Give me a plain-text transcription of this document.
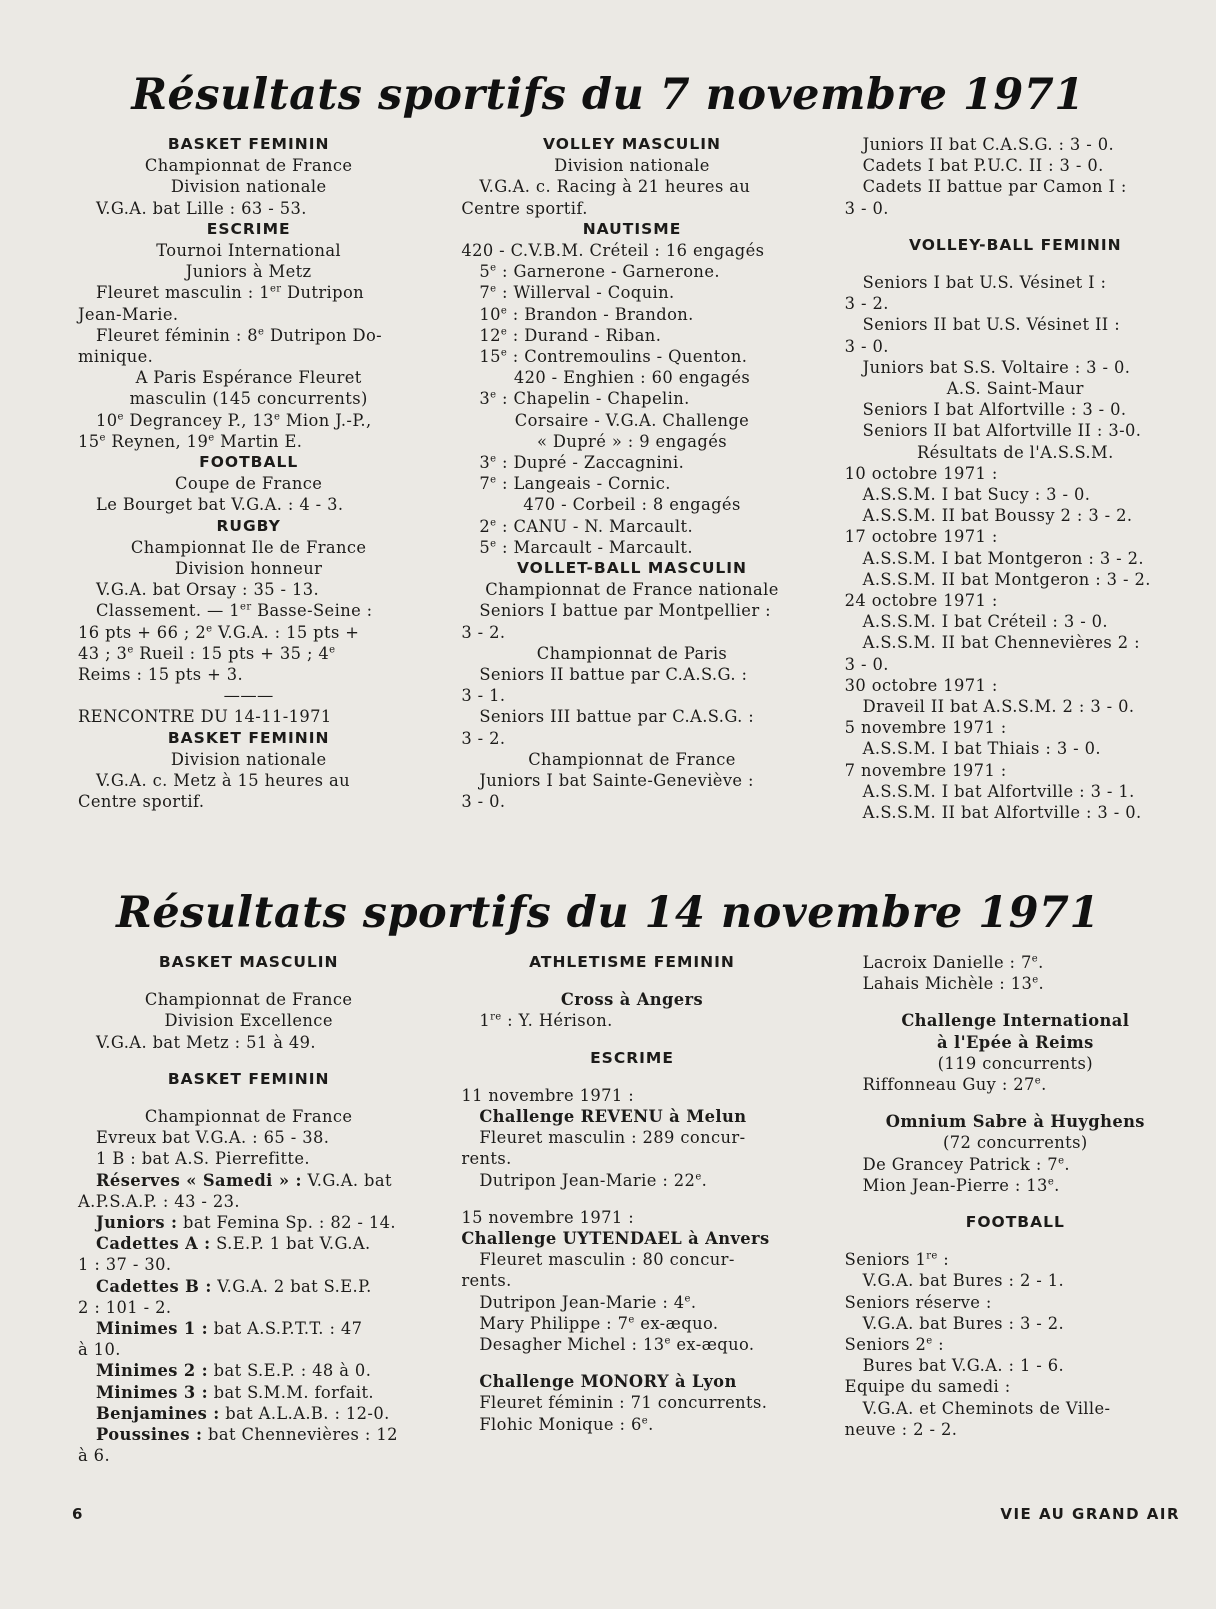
Résultats sportifs du 7 novembre 1971
BASKET FEMININ
Championnat de France
Division nationale
V.G.A. bat Lille : 63 - 53.
ESCRIME
Tournoi International
Juniors à Metz
Fleuret masculin : 1er Dutripon
Jean-Marie.
Fleuret féminin : 8e Dutripon Do-
minique.
A Paris Espérance Fleuret
masculin (145 concurrents)
10e Degrancey P., 13e Mion J.-P.,
15e Reynen, 19e Martin E.
FOOTBALL
Coupe de France
Le Bourget bat V.G.A. : 4 - 3.
RUGBY
Championnat Ile de France
Division honneur
V.G.A. bat Orsay : 35 - 13.
Classement. — 1er Basse-Seine :
16 pts + 66 ; 2e V.G.A. : 15 pts +
43 ; 3e Rueil : 15 pts + 35 ; 4e
Reims : 15 pts + 3.
———
RENCONTRE DU 14-11-1971
BASKET FEMININ
Division nationale
V.G.A. c. Metz à 15 heures au
Centre sportif.
VOLLEY MASCULIN
Division nationale
V.G.A. c. Racing à 21 heures au
Centre sportif.
NAUTISME
420 - C.V.B.M. Créteil : 16 engagés
5e : Garnerone - Garnerone.
7e : Willerval - Coquin.
10e : Brandon - Brandon.
12e : Durand - Riban.
15e : Contremoulins - Quenton.
420 - Enghien : 60 engagés
3e : Chapelin - Chapelin.
Corsaire - V.G.A. Challenge
« Dupré » : 9 engagés
3e : Dupré - Zaccagnini.
7e : Langeais - Cornic.
470 - Corbeil : 8 engagés
2e : CANU - N. Marcault.
5e : Marcault - Marcault.
VOLLET-BALL MASCULIN
Championnat de France nationale
Seniors I battue par Montpellier :
3 - 2.
Championnat de Paris
Seniors II battue par C.A.S.G. :
3 - 1.
Seniors III battue par C.A.S.G. :
3 - 2.
Championnat de France
Juniors I bat Sainte-Geneviève :
3 - 0.
Juniors II bat C.A.S.G. : 3 - 0.
Cadets I bat P.U.C. II : 3 - 0.
Cadets II battue par Camon I :
3 - 0.
VOLLEY-BALL FEMININ
Seniors I bat U.S. Vésinet I :
3 - 2.
Seniors II bat U.S. Vésinet II :
3 - 0.
Juniors bat S.S. Voltaire : 3 - 0.
A.S. Saint-Maur
Seniors I bat Alfortville : 3 - 0.
Seniors II bat Alfortville II : 3-0.
Résultats de l'A.S.S.M.
10 octobre 1971 :
A.S.S.M. I bat Sucy : 3 - 0.
A.S.S.M. II bat Boussy 2 : 3 - 2.
17 octobre 1971 :
A.S.S.M. I bat Montgeron : 3 - 2.
A.S.S.M. II bat Montgeron : 3 - 2.
24 octobre 1971 :
A.S.S.M. I bat Créteil : 3 - 0.
A.S.S.M. II bat Chennevières 2 :
3 - 0.
30 octobre 1971 :
Draveil II bat A.S.S.M. 2 : 3 - 0.
5 novembre 1971 :
A.S.S.M. I bat Thiais : 3 - 0.
7 novembre 1971 :
A.S.S.M. I bat Alfortville : 3 - 1.
A.S.S.M. II bat Alfortville : 3 - 0.
Résultats sportifs du 14 novembre 1971
BASKET MASCULIN
Championnat de France
Division Excellence
V.G.A. bat Metz : 51 à 49.
BASKET FEMININ
Championnat de France
Evreux bat V.G.A. : 65 - 38.
1 B : bat A.S. Pierrefitte.
Réserves « Samedi » : V.G.A. bat
A.P.S.A.P. : 43 - 23.
Juniors : bat Femina Sp. : 82 - 14.
Cadettes A : S.E.P. 1 bat V.G.A.
1 : 37 - 30.
Cadettes B : V.G.A. 2 bat S.E.P.
2 : 101 - 2.
Minimes 1 : bat A.S.P.T.T. : 47
à 10.
Minimes 2 : bat S.E.P. : 48 à 0.
Minimes 3 : bat S.M.M. forfait.
Benjamines : bat A.L.A.B. : 12-0.
Poussines : bat Chennevières : 12
à 6.
ATHLETISME FEMININ
Cross à Angers
1re : Y. Hérison.
ESCRIME
11 novembre 1971 :
Challenge REVENU à Melun
Fleuret masculin : 289 concur-
rents.
Dutripon Jean-Marie : 22e.
15 novembre 1971 :
Challenge UYTENDAEL à Anvers
Fleuret masculin : 80 concur-
rents.
Dutripon Jean-Marie : 4e.
Mary Philippe : 7e ex-æquo.
Desagher Michel : 13e ex-æquo.
Challenge MONORY à Lyon
Fleuret féminin : 71 concurrents.
Flohic Monique : 6e.
Lacroix Danielle : 7e.
Lahais Michèle : 13e.
Challenge International
à l'Epée à Reims
(119 concurrents)
Riffonneau Guy : 27e.
Omnium Sabre à Huyghens
(72 concurrents)
De Grancey Patrick : 7e.
Mion Jean-Pierre : 13e.
FOOTBALL
Seniors 1re :
V.G.A. bat Bures : 2 - 1.
Seniors réserve :
V.G.A. bat Bures : 3 - 2.
Seniors 2e :
Bures bat V.G.A. : 1 - 6.
Equipe du samedi :
V.G.A. et Cheminots de Ville-
neuve : 2 - 2.
6	VIE AU GRAND AIR
